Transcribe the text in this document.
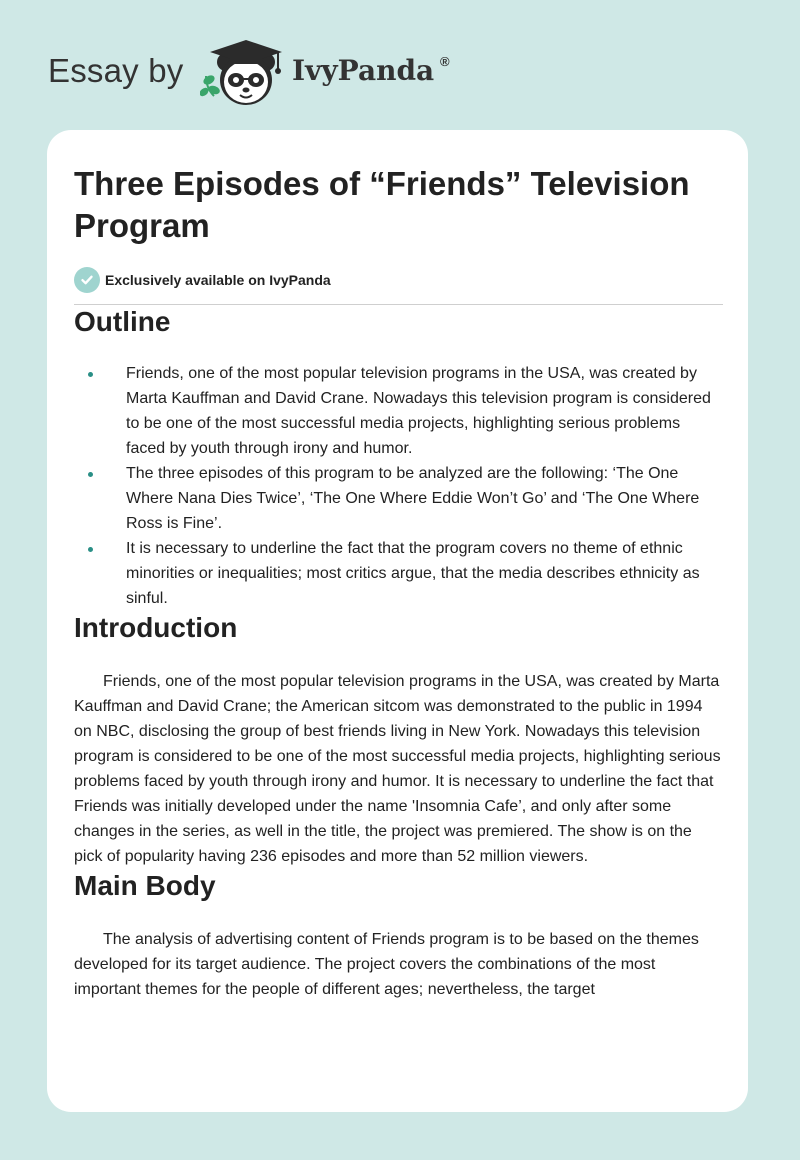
Essay by	IvyPanda ®
Three Episodes of “Friends” Television Program
Exclusively available on IvyPanda
Outline
Friends, one of the most popular television programs in the USA, was created by Marta Kauffman and David Crane. Nowadays this television program is considered to be one of the most successful media projects, highlighting serious problems faced by youth through irony and humor.
The three episodes of this program to be analyzed are the following: ‘The One Where Nana Dies Twice’, ‘The One Where Eddie Won’t Go’ and ‘The One Where Ross is Fine’.
It is necessary to underline the fact that the program covers no theme of ethnic minorities or inequalities; most critics argue, that the media describes ethnicity as sinful.
Introduction

Friends, one of the most popular television programs in the USA, was created by Marta Kauffman and David Crane; the American sitcom was demonstrated to the public in 1994 on NBC, disclosing the group of best friends living in New York. Nowadays this television program is considered to be one of the most successful media projects, highlighting serious problems faced by youth through irony and humor. It is necessary to underline the fact that Friends was initially developed under the name 'Insomnia Cafe’, and only after some changes in the series, as well in the title, the project was premiered. The show is on the pick of popularity having 236 episodes and more than 52 million viewers.

Main Body

The analysis of advertising content of Friends program is to be based on the themes developed for its target audience. The project covers the combinations of the most important themes for the people of different ages; nevertheless, the target
